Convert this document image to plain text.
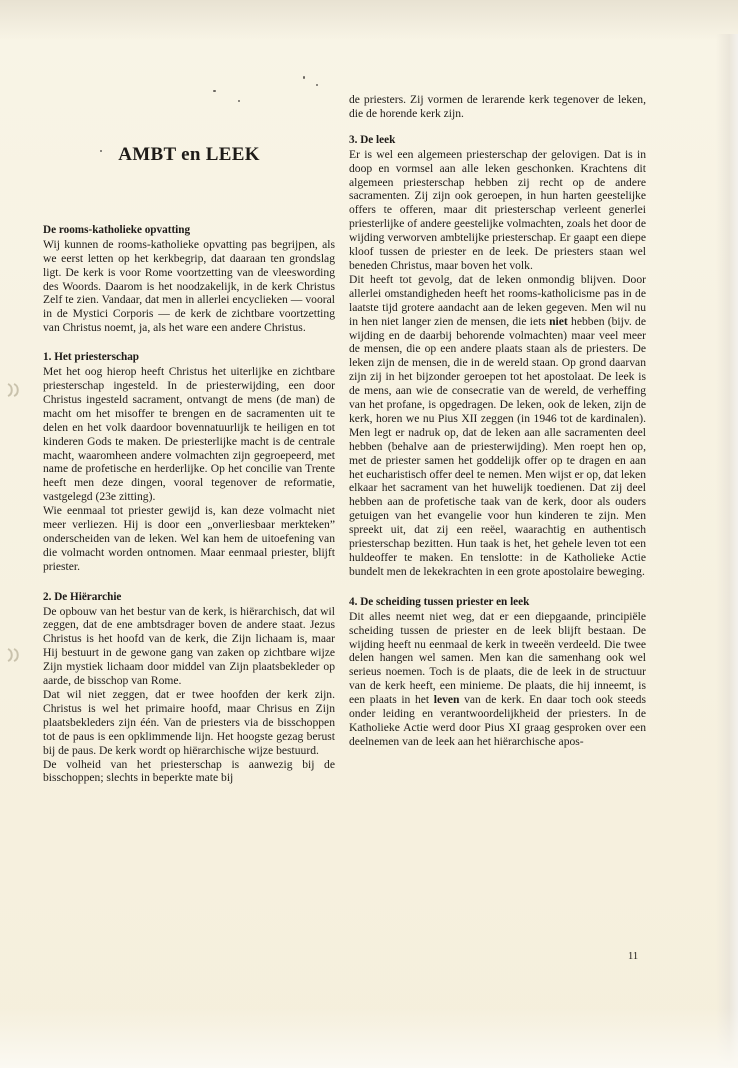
AMBT en LEEK

De rooms-katholieke opvatting

Wij kunnen de rooms-katholieke opvatting pas begrijpen, als we eerst letten op het kerkbegrip, dat daaraan ten grondslag ligt. De kerk is voor Rome voortzetting van de vleeswording des Woords. Daarom is het noodzakelijk, in de kerk Christus Zelf te zien. Vandaar, dat men in allerlei encyclieken — vooral in de Mystici Corporis — de kerk de zichtbare voortzetting van Christus noemt, ja, als het ware een andere Christus.

1. Het priesterschap

Met het oog hierop heeft Christus het uiterlijke en zichtbare priesterschap ingesteld. In de priesterwijding, een door Christus ingesteld sacrament, ontvangt de mens (de man) de macht om het misoffer te brengen en de sacramenten uit te delen en het volk daardoor bovennatuurlijk te heiligen en tot kinderen Gods te maken. De priesterlijke macht is de centrale macht, waaromheen andere volmachten zijn gegroepeerd, met name de profetische en herderlijke. Op het concilie van Trente heeft men deze dingen, vooral tegenover de reformatie, vastgelegd (23e zitting).

Wie eenmaal tot priester gewijd is, kan deze volmacht niet meer verliezen. Hij is door een „onverliesbaar merkteken” onderscheiden van de leken. Wel kan hem de uitoefening van die volmacht worden ontnomen. Maar eenmaal priester, blijft priester.

2. De Hiërarchie

De opbouw van het bestur van de kerk, is hiërarchisch, dat wil zeggen, dat de ene ambtsdrager boven de andere staat. Jezus Christus is het hoofd van de kerk, die Zijn lichaam is, maar Hij bestuurt in de gewone gang van zaken op zichtbare wijze Zijn mystiek lichaam door middel van Zijn plaatsbekleder op aarde, de bisschop van Rome.

Dat wil niet zeggen, dat er twee hoofden der kerk zijn. Christus is wel het primaire hoofd, maar Chrisus en Zijn plaatsbekleders zijn één. Van de priesters via de bisschoppen tot de paus is een opklimmende lijn. Het hoogste gezag berust bij de paus. De kerk wordt op hiërarchische wijze bestuurd.

De volheid van het priesterschap is aanwezig bij de bisschoppen; slechts in beperkte mate bij

de priesters. Zij vormen de lerarende kerk tegenover de leken, die de horende kerk zijn.

3. De leek

Er is wel een algemeen priesterschap der gelovigen. Dat is in doop en vormsel aan alle leken geschonken. Krachtens dit algemeen priesterschap hebben zij recht op de andere sacramenten. Zij zijn ook geroepen, in hun harten geestelijke offers te offeren, maar dit priesterschap verleent generlei priesterlijke of andere geestelijke volmachten, zoals het door de wijding verworven ambtelijke priesterschap. Er gaapt een diepe kloof tussen de priester en de leek. De priesters staan wel beneden Christus, maar boven het volk.

Dit heeft tot gevolg, dat de leken onmondig blijven. Door allerlei omstandigheden heeft het rooms-katholicisme pas in de laatste tijd grotere aandacht aan de leken gegeven. Men wil nu in hen niet langer zien de mensen, die iets niet hebben (bijv. de wijding en de daarbij behorende volmachten) maar veel meer de mensen, die op een andere plaats staan als de priesters. De leken zijn de mensen, die in de wereld staan. Op grond daarvan zijn zij in het bijzonder geroepen tot het apostolaat. De leek is de mens, aan wie de consecratie van de wereld, de verheffing van het profane, is opgedragen. De leken, ook de leken, zijn de kerk, horen we nu Pius XII zeggen (in 1946 tot de kardinalen). Men legt er nadruk op, dat de leken aan alle sacramenten deel hebben (behalve aan de priesterwijding). Men roept hen op, met de priester samen het goddelijk offer op te dragen en aan het eucharistisch offer deel te nemen. Men wijst er op, dat leken elkaar het sacrament van het huwelijk toedienen. Dat zij deel hebben aan de profetische taak van de kerk, door als ouders getuigen van het evangelie voor hun kinderen te zijn. Men spreekt uit, dat zij een reëel, waarachtig en authentisch priesterschap bezitten. Hun taak is het, het gehele leven tot een huldeoffer te maken. En tenslotte: in de Katholieke Actie bundelt men de lekekrachten in een grote apostolaire beweging.

4. De scheiding tussen priester en leek

Dit alles neemt niet weg, dat er een diepgaande, principiële scheiding tussen de priester en de leek blijft bestaan. De wijding heeft nu eenmaal de kerk in tweeën verdeeld. Die twee delen hangen wel samen. Men kan die samenhang ook wel serieus noemen. Toch is de plaats, die de leek in de structuur van de kerk heeft, een minieme. De plaats, die hij inneemt, is een plaats in het leven van de kerk. En daar toch ook steeds onder leiding en verantwoordelijkheid der priesters. In de Katholieke Actie werd door Pius XI graag gesproken over een deelnemen van de leek aan het hiërarchische apos-

11
